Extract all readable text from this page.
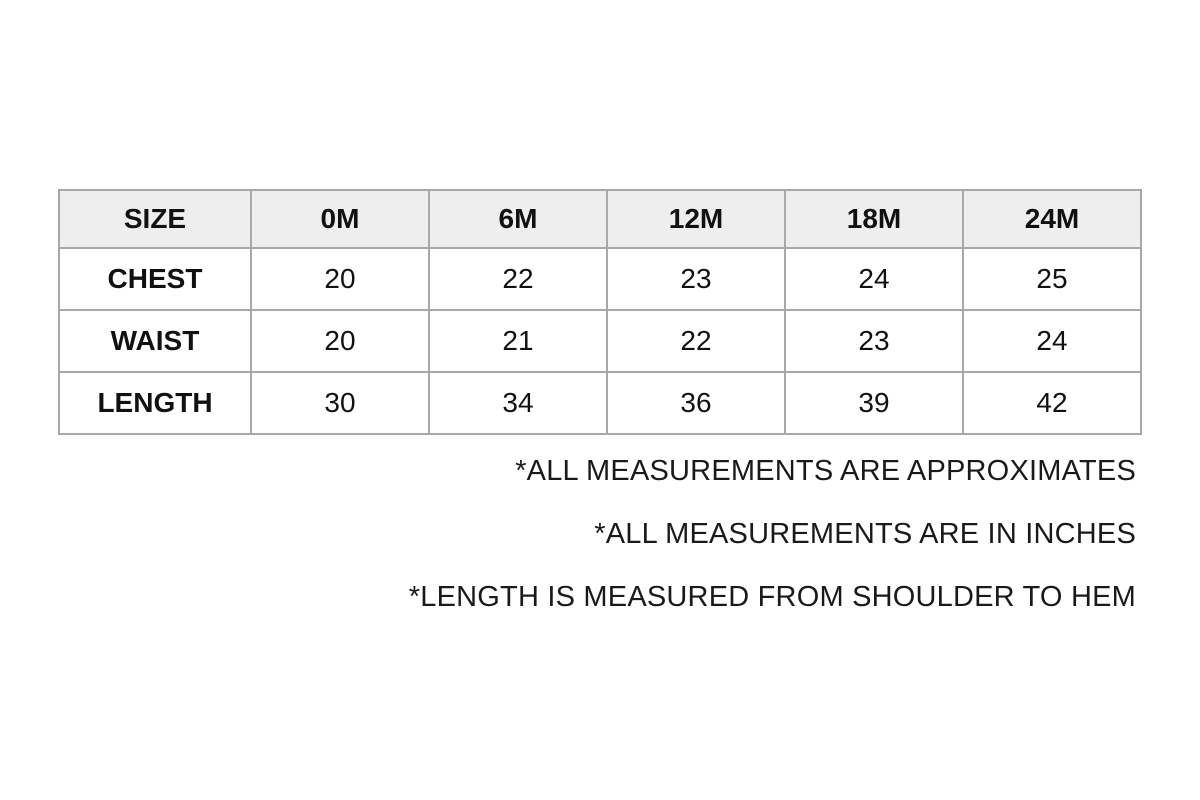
SIZE	0M	6M	12M	18M	24M
CHEST	20	22	23	24	25
WAIST	20	21	22	23	24
LENGTH	30	34	36	39	42
*ALL MEASUREMENTS ARE APPROXIMATES
*ALL MEASUREMENTS ARE IN INCHES
*LENGTH IS MEASURED FROM SHOULDER TO HEM
